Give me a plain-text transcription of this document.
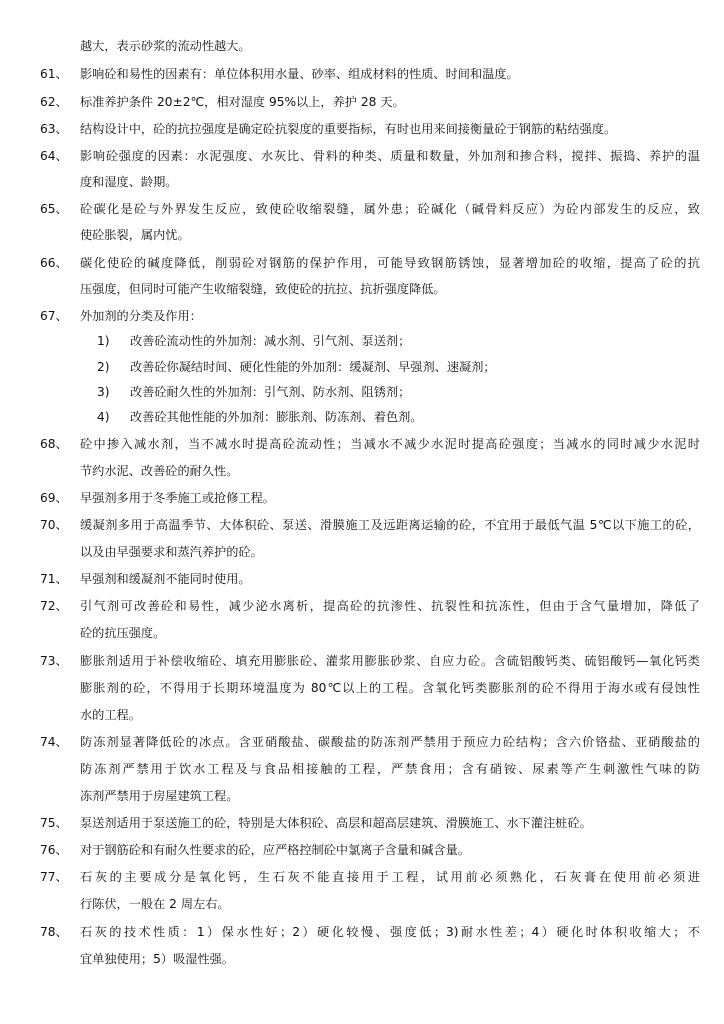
越大，表示砂浆的流动性越大。
61、 影响砼和易性的因素有：单位体积用水量、砂率、组成材料的性质、时间和温度。
62、 标准养护条件 20±2℃，相对湿度 95%以上，养护 28 天。
63、 结构设计中，砼的抗拉强度是确定砼抗裂度的重要指标，有时也用来间接衡量砼于钢筋的粘结强度。
64、 影响砼强度的因素：水泥强度、水灰比、骨料的种类、质量和数量，外加剂和掺合料，搅拌、振捣、养护的温
度和湿度、龄期。
65、 砼碳化是砼与外界发生反应，致使砼收缩裂缝，属外患；砼碱化（碱骨料反应）为砼内部发生的反应，致
使砼胀裂，属内忧。
66、 碳化使砼的碱度降低，削弱砼对钢筋的保护作用，可能导致钢筋锈蚀，显著增加砼的收缩，提高了砼的抗
压强度，但同时可能产生收缩裂缝，致使砼的抗拉、抗折强度降低。
67、 外加剂的分类及作用：
1) 改善砼流动性的外加剂：减水剂、引气剂、泵送剂；
2) 改善砼你凝结时间、硬化性能的外加剂：缓凝剂、早强剂、速凝剂；
3) 改善砼耐久性的外加剂：引气剂、防水剂、阻锈剂；
4) 改善砼其他性能的外加剂：膨胀剂、防冻剂、着色剂。
68、 砼中掺入减水剂，当不减水时提高砼流动性；当减水不减少水泥时提高砼强度；当减水的同时减少水泥时
节约水泥、改善砼的耐久性。
69、 早强剂多用于冬季施工或抢修工程。
70、 缓凝剂多用于高温季节、大体积砼、泵送、滑膜施工及远距离运输的砼，不宜用于最低气温 5℃以下施工的砼，
以及由早强要求和蒸汽养护的砼。
71、 早强剂和缓凝剂不能同时使用。
72、 引气剂可改善砼和易性，减少泌水离析，提高砼的抗渗性、抗裂性和抗冻性，但由于含气量增加，降低了
砼的抗压强度。
73、 膨胀剂适用于补偿收缩砼、填充用膨胀砼、灌浆用膨胀砂浆、自应力砼。含硫铝酸钙类、硫铝酸钙—氧化钙类
膨胀剂的砼，不得用于长期环境温度为 80℃以上的工程。含氧化钙类膨胀剂的砼不得用于海水或有侵蚀性
水的工程。
74、 防冻剂显著降低砼的冰点。含亚硝酸盐、碳酸盐的防冻剂严禁用于预应力砼结构；含六价铬盐、亚硝酸盐的
防冻剂严禁用于饮水工程及与食品相接触的工程，严禁食用；含有硝铵、尿素等产生刺激性气味的防
冻剂严禁用于房屋建筑工程。
75、 泵送剂适用于泵送施工的砼，特别是大体积砼、高层和超高层建筑、滑膜施工、水下灌注桩砼。
76、 对于钢筋砼和有耐久性要求的砼，应严格控制砼中氯离子含量和碱含量。
77、 石灰的主要成分是氧化钙，生石灰不能直接用于工程，试用前必须熟化，石灰膏在使用前必须进
行陈伏，一般在 2 周左右。
78、 石灰的技术性质：1）保水性好；2）硬化较慢、强度低；3)耐水性差；4）硬化时体积收缩大；不
宜单独使用；5）吸湿性强。
